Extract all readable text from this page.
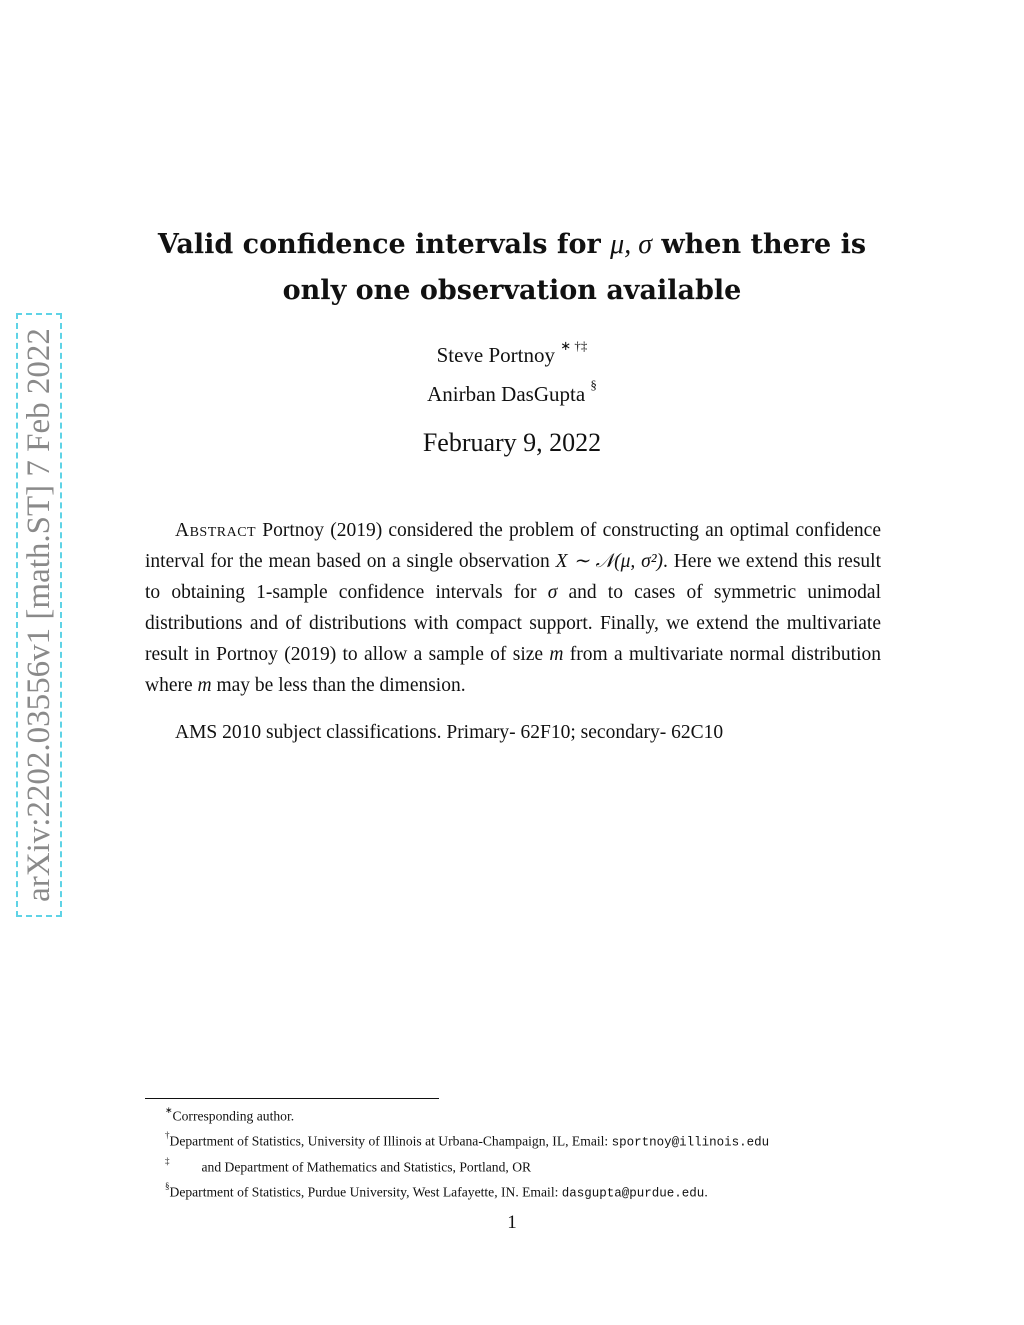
arXiv:2202.03556v1 [math.ST] 7 Feb 2022
Valid confidence intervals for μ, σ when there is
only one observation available
Steve Portnoy ∗ †‡
Anirban DasGupta §
February 9, 2022
Abstract Portnoy (2019) considered the problem of constructing an optimal confidence interval for the mean based on a single observation X ∼ 𝒩(μ, σ²). Here we extend this result to obtaining 1-sample confidence intervals for σ and to cases of symmetric unimodal distributions and of distributions with compact support. Finally, we extend the multivariate result in Portnoy (2019) to allow a sample of size m from a multivariate normal distribution where m may be less than the dimension.
AMS 2010 subject classifications. Primary- 62F10; secondary- 62C10
∗Corresponding author.
†Department of Statistics, University of Illinois at Urbana-Champaign, IL, Email: sportnoy@illinois.edu
‡ and Department of Mathematics and Statistics, Portland, OR
§Department of Statistics, Purdue University, West Lafayette, IN. Email: dasgupta@purdue.edu.
1
